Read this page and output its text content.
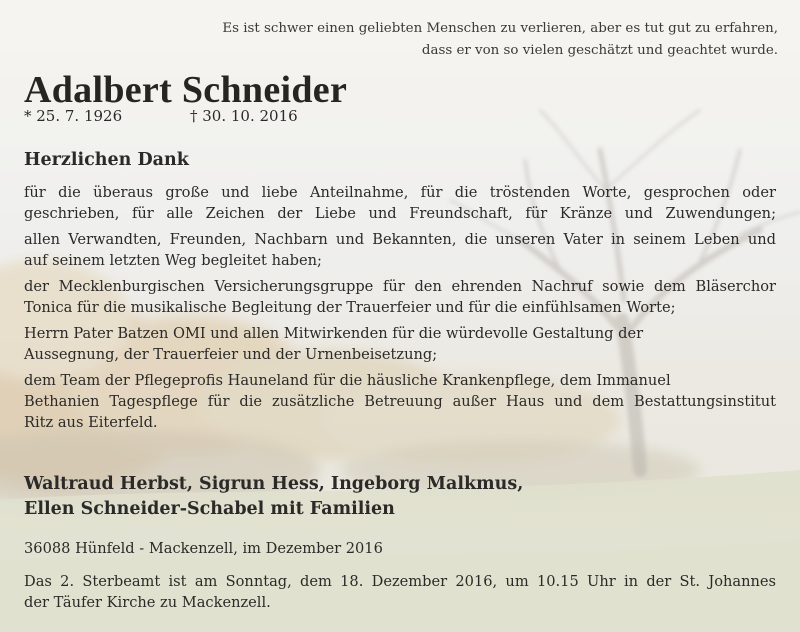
Es ist schwer einen geliebten Menschen zu verlieren, aber es tut gut zu erfahren,
dass er von so vielen geschätzt und geachtet wurde.
Adalbert Schneider
* 25. 7. 1926	† 30. 10. 2016
Herzlichen Dank
für die überaus große und liebe Anteilnahme, für die tröstenden Worte, gesprochen oder
geschrieben, für alle Zeichen der Liebe und Freundschaft, für Kränze und Zuwendungen;
allen Verwandten, Freunden, Nachbarn und Bekannten, die unseren Vater in seinem Leben und
auf seinem letzten Weg begleitet haben;
der Mecklenburgischen Versicherungsgruppe für den ehrenden Nachruf sowie dem Bläserchor
Tonica für die musikalische Begleitung der Trauerfeier und für die einfühlsamen Worte;
Herrn Pater Batzen OMI und allen Mitwirkenden für die würdevolle Gestaltung der
Aussegnung, der Trauerfeier und der Urnenbeisetzung;
dem Team der Pflegeprofis Hauneland für die häusliche Krankenpflege, dem Immanuel
Bethanien Tagespflege für die zusätzliche Betreuung außer Haus und dem Bestattungsinstitut
Ritz aus Eiterfeld.
Waltraud Herbst, Sigrun Hess, Ingeborg Malkmus,
Ellen Schneider-Schabel mit Familien
36088 Hünfeld - Mackenzell, im Dezember 2016
Das 2. Sterbeamt ist am Sonntag, dem 18. Dezember 2016, um 10.15 Uhr in der St. Johannes
der Täufer Kirche zu Mackenzell.
